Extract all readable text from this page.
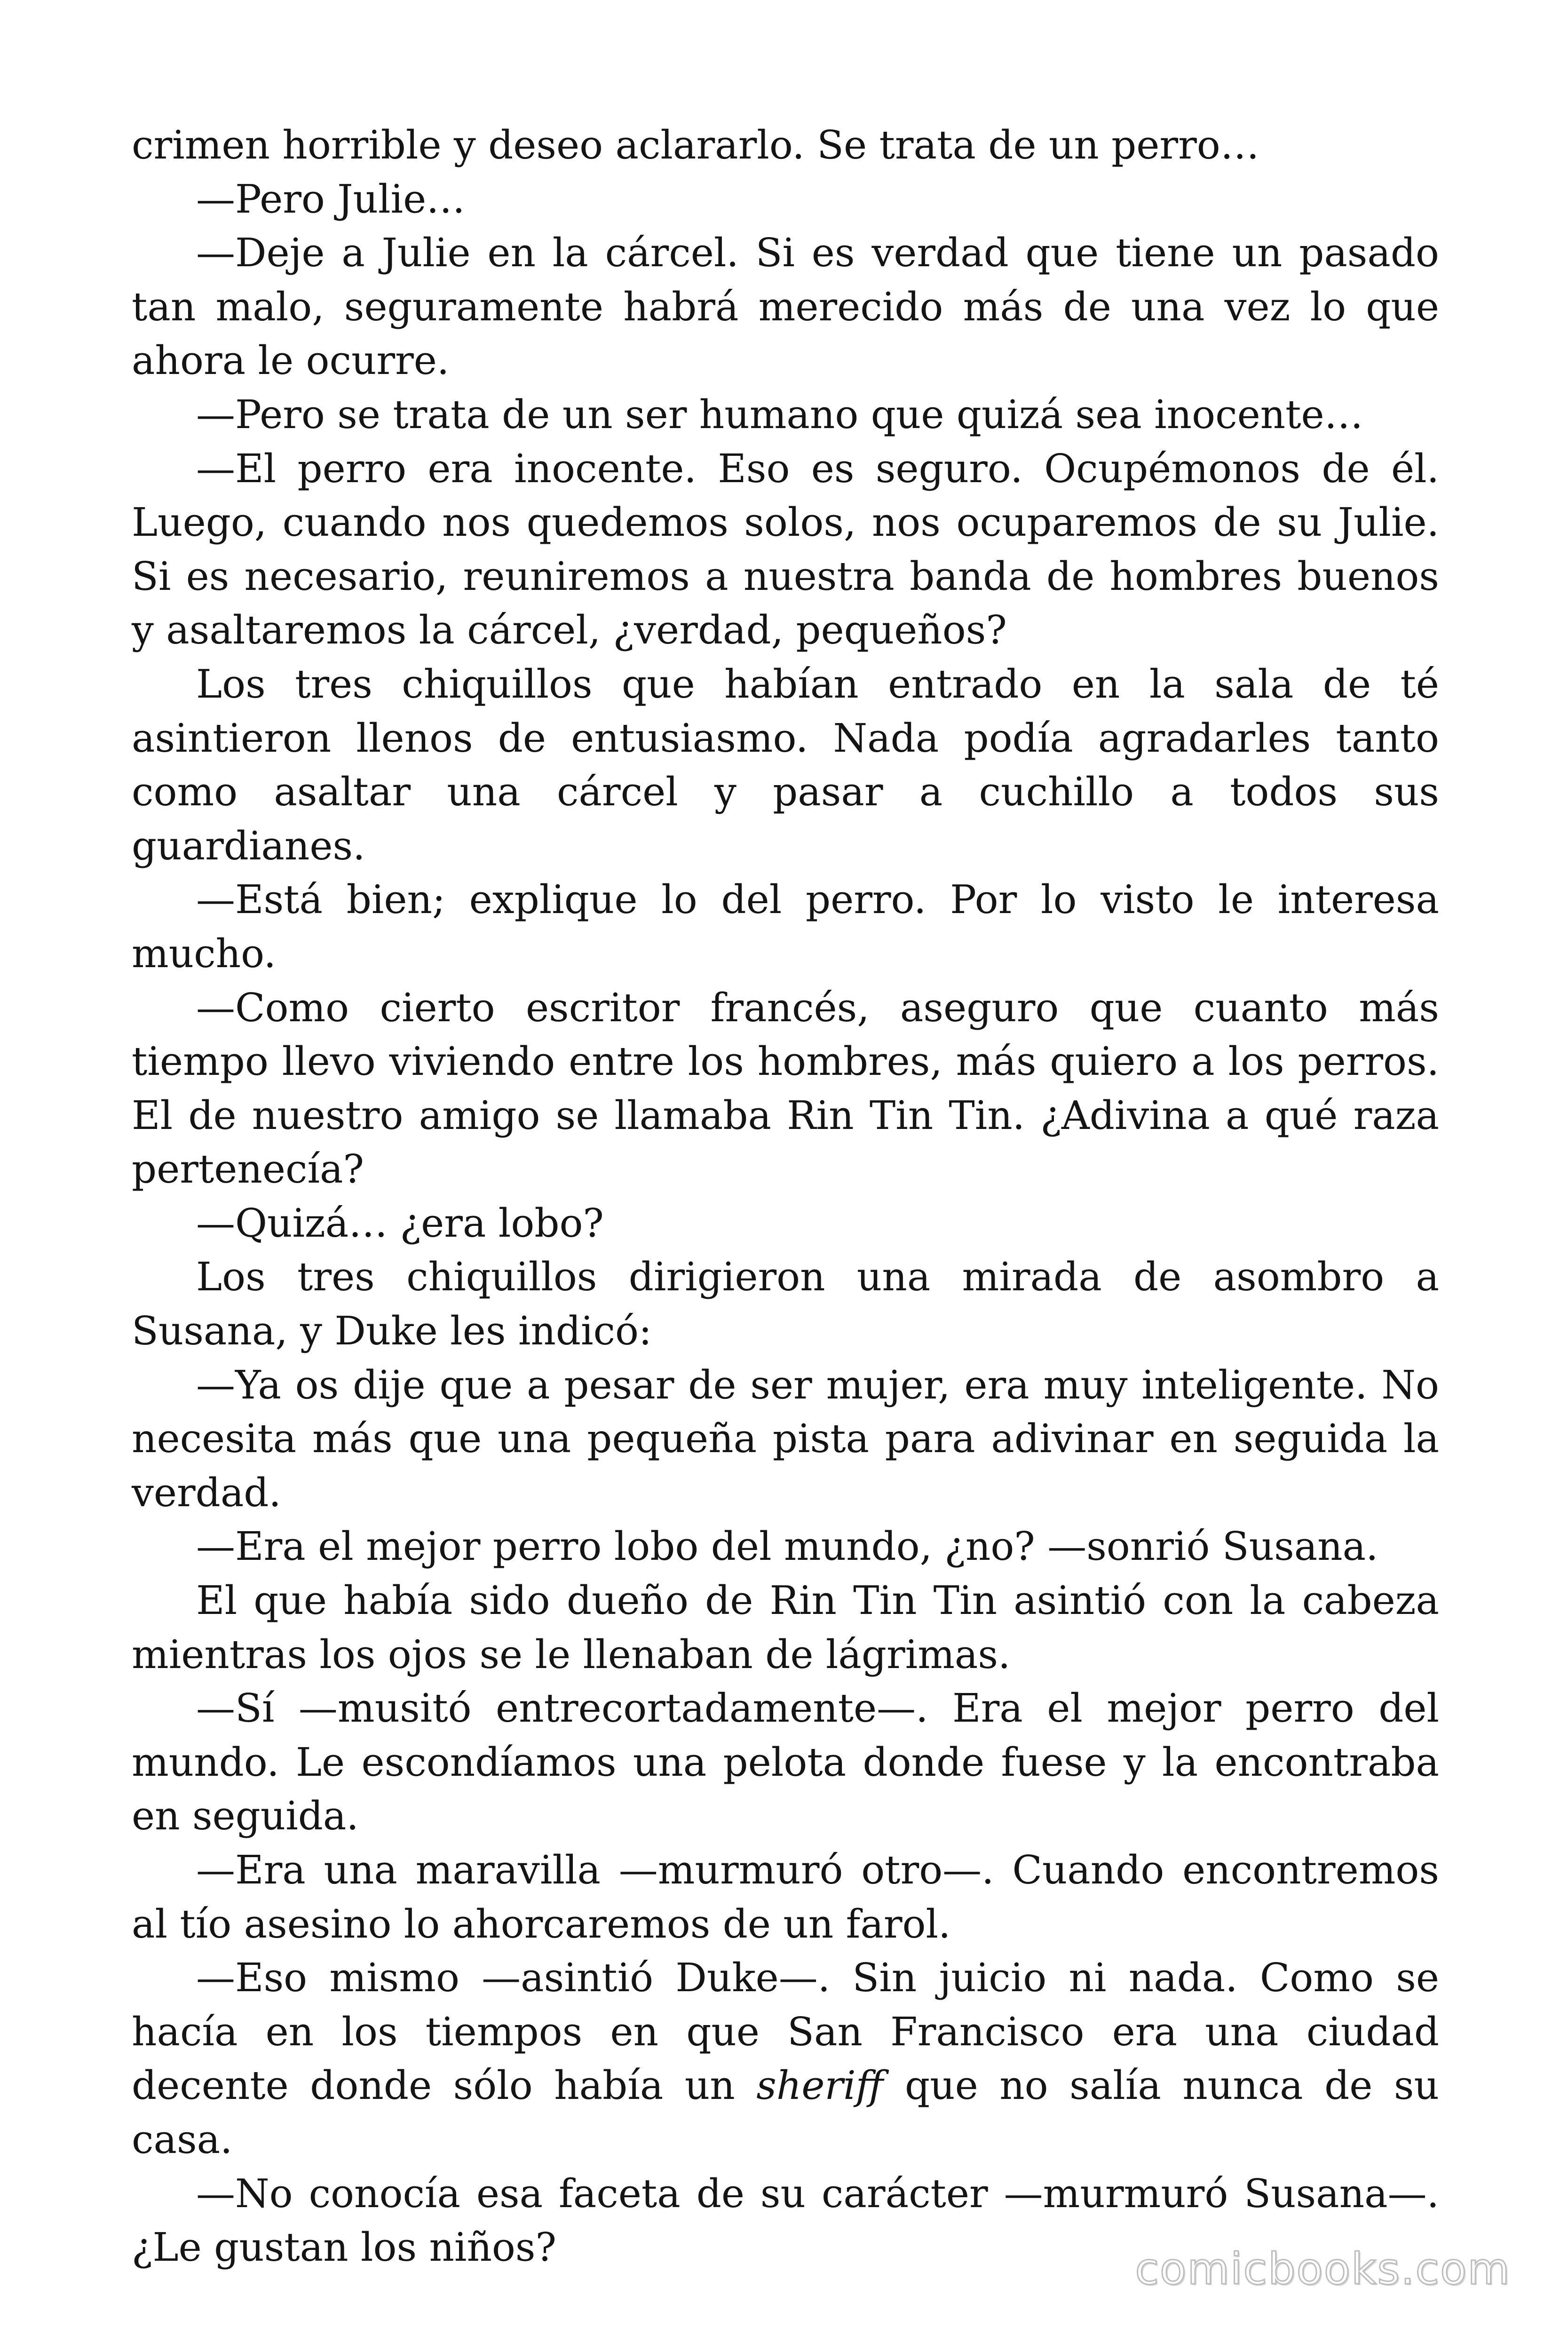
crimen horrible y deseo aclararlo. Se trata de un perro…

—Pero Julie…

—Deje a Julie en la cárcel. Si es verdad que tiene un pasado tan malo, seguramente habrá merecido más de una vez lo que ahora le ocurre.

—Pero se trata de un ser humano que quizá sea inocente…

—El perro era inocente. Eso es seguro. Ocupémonos de él. Luego, cuando nos quedemos solos, nos ocuparemos de su Julie. Si es necesario, reuniremos a nuestra banda de hombres buenos y asaltaremos la cárcel, ¿verdad, pequeños?

Los tres chiquillos que habían entrado en la sala de té asintieron llenos de entusiasmo. Nada podía agradarles tanto como asaltar una cárcel y pasar a cuchillo a todos sus guardianes.

—Está bien; explique lo del perro. Por lo visto le interesa mucho.

—Como cierto escritor francés, aseguro que cuanto más tiempo llevo viviendo entre los hombres, más quiero a los perros. El de nuestro amigo se llamaba Rin Tin Tin. ¿Adivina a qué raza pertenecía?

—Quizá… ¿era lobo?

Los tres chiquillos dirigieron una mirada de asombro a Susana, y Duke les indicó:

—Ya os dije que a pesar de ser mujer, era muy inteligente. No necesita más que una pequeña pista para adivinar en seguida la verdad.

—Era el mejor perro lobo del mundo, ¿no? —sonrió Susana.

El que había sido dueño de Rin Tin Tin asintió con la cabeza mientras los ojos se le llenaban de lágrimas.

—Sí —musitó entrecortadamente—. Era el mejor perro del mundo. Le escondíamos una pelota donde fuese y la encontraba en seguida.

—Era una maravilla —murmuró otro—. Cuando encontremos al tío asesino lo ahorcaremos de un farol.

—Eso mismo —asintió Duke—. Sin juicio ni nada. Como se hacía en los tiempos en que San Francisco era una ciudad decente donde sólo había un sheriff que no salía nunca de su casa.

—No conocía esa faceta de su carácter —murmuró Susana—. ¿Le gustan los niños?	comicbooks.com
